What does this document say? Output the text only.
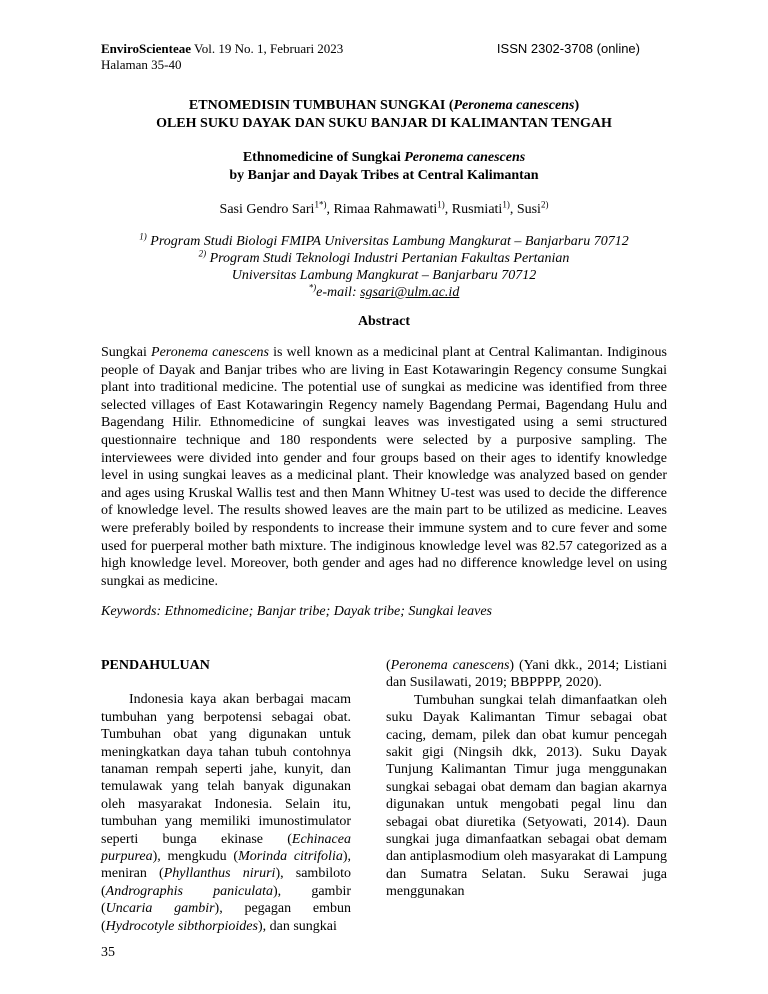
EnviroScienteae Vol. 19 No. 1, Februari 2023
Halaman 35-40
ISSN 2302-3708 (online)
ETNOMEDISIN TUMBUHAN SUNGKAI (Peronema canescens)
OLEH SUKU DAYAK DAN SUKU BANJAR DI KALIMANTAN TENGAH
Ethnomedicine of Sungkai Peronema canescens
by Banjar and Dayak Tribes at Central Kalimantan
Sasi Gendro Sari$^{1*)}$, Rimaa Rahmawati$^{1)}$, Rusmiati$^{1)}$, Susi$^{2)}$
$^{1)}$ Program Studi Biologi FMIPA Universitas Lambung Mangkurat – Banjarbaru 70712
$^{2)}$ Program Studi Teknologi Industri Pertanian Fakultas Pertanian
Universitas Lambung Mangkurat – Banjarbaru 70712
*)e-mail: sgsari@ulm.ac.id
Abstract
Sungkai Peronema canescens is well known as a medicinal plant at Central Kalimantan. Indiginous people of Dayak and Banjar tribes who are living in East Kotawaringin Regency consume Sungkai plant into traditional medicine. The potential use of sungkai as medicine was identified from three selected villages of East Kotawaringin Regency namely Bagendang Permai, Bagendang Hulu and Bagendang Hilir. Ethnomedicine of sungkai leaves was investigated using a semi structured questionnaire technique and 180 respondents were selected by a purposive sampling. The interviewees were divided into gender and four groups based on their ages to identify knowledge level in using sungkai leaves as a medicinal plant. Their knowledge was analyzed based on gender and ages using Kruskal Wallis test and then Mann Whitney U-test was used to decide the difference of knowledge level. The results showed leaves are the main part to be utilized as medicine. Leaves were preferably boiled by respondents to increase their immune system and to cure fever and some used for puerperal mother bath mixture. The indiginous knowledge level was 82.57 categorized as a high knowledge level. Moreover, both gender and ages had no difference knowledge level on using sungkai as medicine.
Keywords: Ethnomedicine; Banjar tribe; Dayak tribe; Sungkai leaves

PENDAHULUAN

Indonesia kaya akan berbagai macam tumbuhan yang berpotensi sebagai obat. Tumbuhan obat yang digunakan untuk meningkatkan daya tahan tubuh contohnya tanaman rempah seperti jahe, kunyit, dan temulawak yang telah banyak digunakan oleh masyarakat Indonesia. Selain itu, tumbuhan yang memiliki imunostimulator seperti bunga ekinase (Echinacea purpurea), mengkudu (Morinda citrifolia), meniran (Phyllanthus niruri), sambiloto (Andrographis paniculata), gambir (Uncaria gambir), pegagan embun (Hydrocotyle sibthorpioides), dan sungkai

(Peronema canescens) (Yani dkk., 2014; Listiani dan Susilawati, 2019; BBPPPP, 2020).

Tumbuhan sungkai telah dimanfaatkan oleh suku Dayak Kalimantan Timur sebagai obat cacing, demam, pilek dan obat kumur pencegah sakit gigi (Ningsih dkk, 2013). Suku Dayak Tunjung Kalimantan Timur juga menggunakan sungkai sebagai obat demam dan bagian akarnya digunakan untuk mengobati pegal linu dan sebagai obat diuretika (Setyowati, 2014). Daun sungkai juga dimanfaatkan sebagai obat demam dan antiplasmodium oleh masyarakat di Lampung dan Sumatra Selatan. Suku Serawai juga menggunakan

35
